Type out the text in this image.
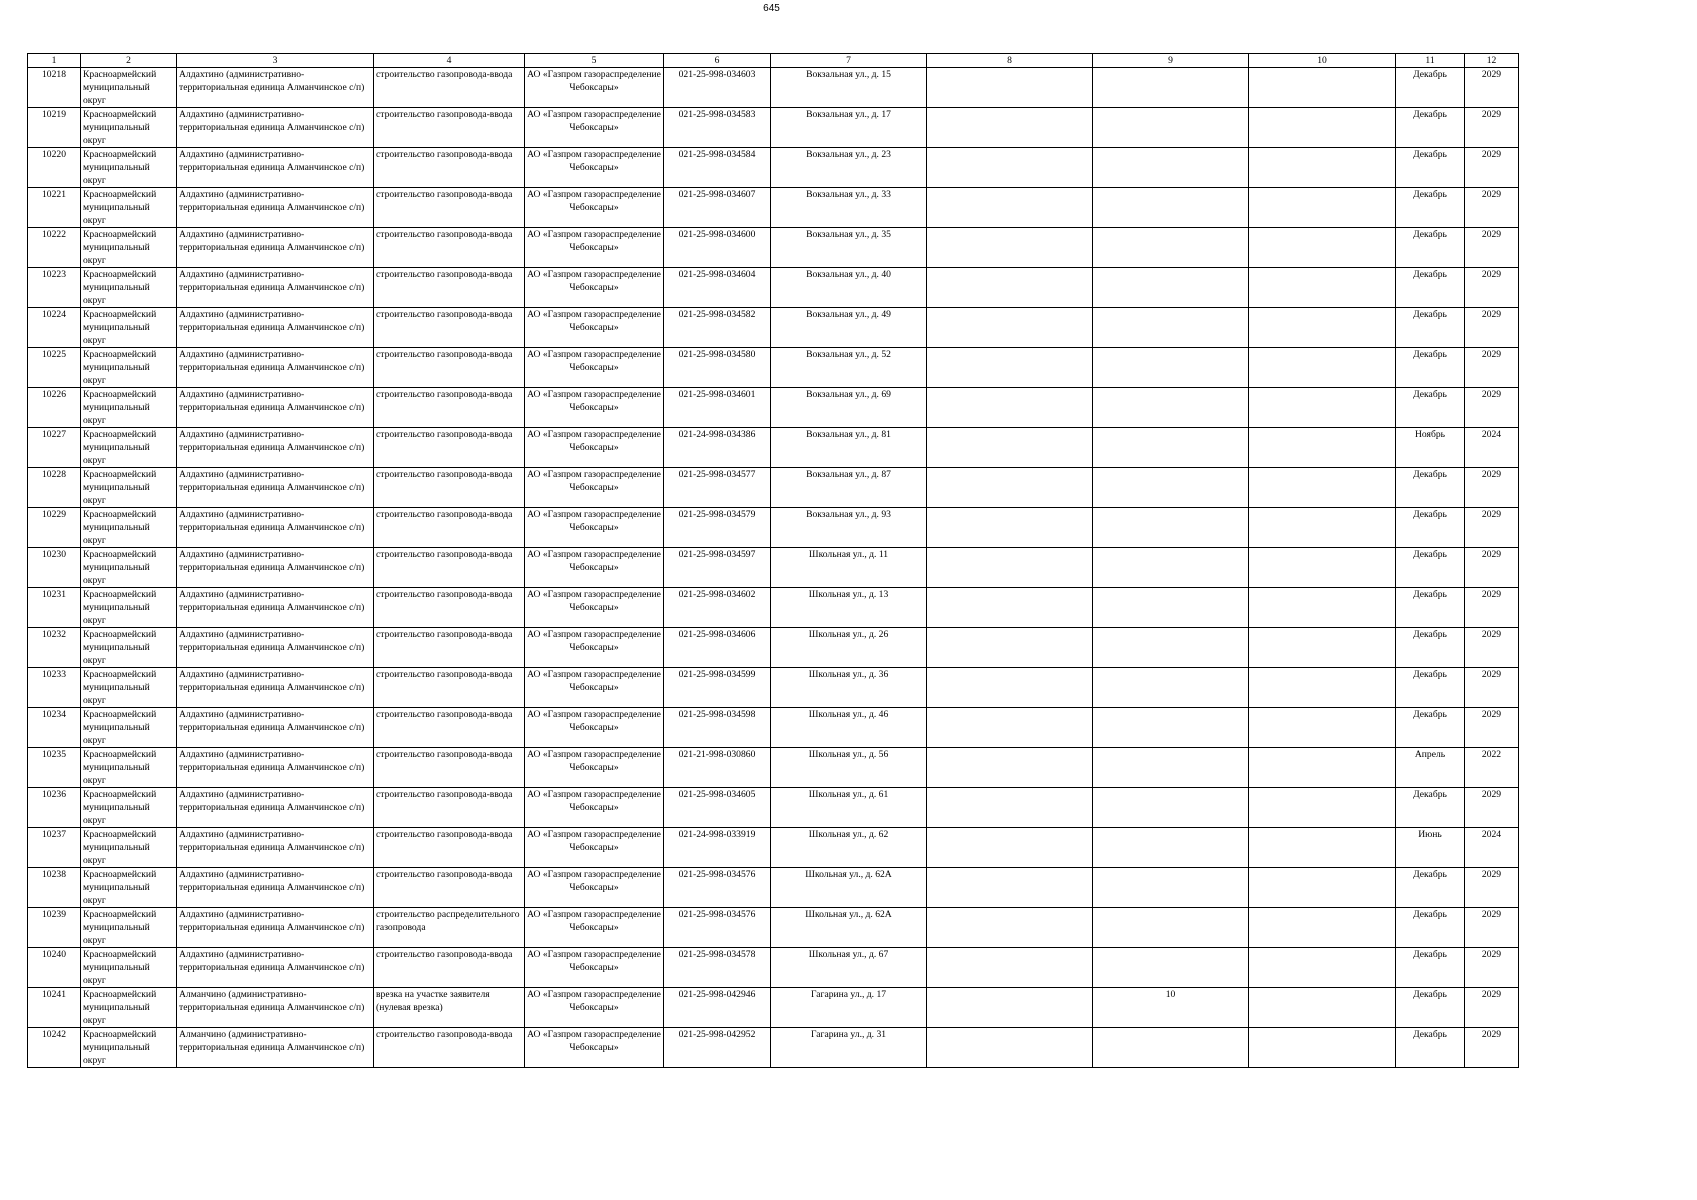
645
1	2	3	4	5	6	7	8	9	10	11	12
10218	Красноармейский муниципальный округ	Алдахтино (административно-территориальная единица Алманчинское с/п)	строительство газопровода-ввода	АО «Газпром газораспределение Чебоксары»	021-25-998-034603	Вокзальная ул., д. 15				Декабрь	2029
10219	Красноармейский муниципальный округ	Алдахтино (административно-территориальная единица Алманчинское с/п)	строительство газопровода-ввода	АО «Газпром газораспределение Чебоксары»	021-25-998-034583	Вокзальная ул., д. 17				Декабрь	2029
10220	Красноармейский муниципальный округ	Алдахтино (административно-территориальная единица Алманчинское с/п)	строительство газопровода-ввода	АО «Газпром газораспределение Чебоксары»	021-25-998-034584	Вокзальная ул., д. 23				Декабрь	2029
10221	Красноармейский муниципальный округ	Алдахтино (административно-территориальная единица Алманчинское с/п)	строительство газопровода-ввода	АО «Газпром газораспределение Чебоксары»	021-25-998-034607	Вокзальная ул., д. 33				Декабрь	2029
10222	Красноармейский муниципальный округ	Алдахтино (административно-территориальная единица Алманчинское с/п)	строительство газопровода-ввода	АО «Газпром газораспределение Чебоксары»	021-25-998-034600	Вокзальная ул., д. 35				Декабрь	2029
10223	Красноармейский муниципальный округ	Алдахтино (административно-территориальная единица Алманчинское с/п)	строительство газопровода-ввода	АО «Газпром газораспределение Чебоксары»	021-25-998-034604	Вокзальная ул., д. 40				Декабрь	2029
10224	Красноармейский муниципальный округ	Алдахтино (административно-территориальная единица Алманчинское с/п)	строительство газопровода-ввода	АО «Газпром газораспределение Чебоксары»	021-25-998-034582	Вокзальная ул., д. 49				Декабрь	2029
10225	Красноармейский муниципальный округ	Алдахтино (административно-территориальная единица Алманчинское с/п)	строительство газопровода-ввода	АО «Газпром газораспределение Чебоксары»	021-25-998-034580	Вокзальная ул., д. 52				Декабрь	2029
10226	Красноармейский муниципальный округ	Алдахтино (административно-территориальная единица Алманчинское с/п)	строительство газопровода-ввода	АО «Газпром газораспределение Чебоксары»	021-25-998-034601	Вокзальная ул., д. 69				Декабрь	2029
10227	Красноармейский муниципальный округ	Алдахтино (административно-территориальная единица Алманчинское с/п)	строительство газопровода-ввода	АО «Газпром газораспределение Чебоксары»	021-24-998-034386	Вокзальная ул., д. 81				Ноябрь	2024
10228	Красноармейский муниципальный округ	Алдахтино (административно-территориальная единица Алманчинское с/п)	строительство газопровода-ввода	АО «Газпром газораспределение Чебоксары»	021-25-998-034577	Вокзальная ул., д. 87				Декабрь	2029
10229	Красноармейский муниципальный округ	Алдахтино (административно-территориальная единица Алманчинское с/п)	строительство газопровода-ввода	АО «Газпром газораспределение Чебоксары»	021-25-998-034579	Вокзальная ул., д. 93				Декабрь	2029
10230	Красноармейский муниципальный округ	Алдахтино (административно-территориальная единица Алманчинское с/п)	строительство газопровода-ввода	АО «Газпром газораспределение Чебоксары»	021-25-998-034597	Школьная ул., д. 11				Декабрь	2029
10231	Красноармейский муниципальный округ	Алдахтино (административно-территориальная единица Алманчинское с/п)	строительство газопровода-ввода	АО «Газпром газораспределение Чебоксары»	021-25-998-034602	Школьная ул., д. 13				Декабрь	2029
10232	Красноармейский муниципальный округ	Алдахтино (административно-территориальная единица Алманчинское с/п)	строительство газопровода-ввода	АО «Газпром газораспределение Чебоксары»	021-25-998-034606	Школьная ул., д. 26				Декабрь	2029
10233	Красноармейский муниципальный округ	Алдахтино (административно-территориальная единица Алманчинское с/п)	строительство газопровода-ввода	АО «Газпром газораспределение Чебоксары»	021-25-998-034599	Школьная ул., д. 36				Декабрь	2029
10234	Красноармейский муниципальный округ	Алдахтино (административно-территориальная единица Алманчинское с/п)	строительство газопровода-ввода	АО «Газпром газораспределение Чебоксары»	021-25-998-034598	Школьная ул., д. 46				Декабрь	2029
10235	Красноармейский муниципальный округ	Алдахтино (административно-территориальная единица Алманчинское с/п)	строительство газопровода-ввода	АО «Газпром газораспределение Чебоксары»	021-21-998-030860	Школьная ул., д. 56				Апрель	2022
10236	Красноармейский муниципальный округ	Алдахтино (административно-территориальная единица Алманчинское с/п)	строительство газопровода-ввода	АО «Газпром газораспределение Чебоксары»	021-25-998-034605	Школьная ул., д. 61				Декабрь	2029
10237	Красноармейский муниципальный округ	Алдахтино (административно-территориальная единица Алманчинское с/п)	строительство газопровода-ввода	АО «Газпром газораспределение Чебоксары»	021-24-998-033919	Школьная ул., д. 62				Июнь	2024
10238	Красноармейский муниципальный округ	Алдахтино (административно-территориальная единица Алманчинское с/п)	строительство газопровода-ввода	АО «Газпром газораспределение Чебоксары»	021-25-998-034576	Школьная ул., д. 62А				Декабрь	2029
10239	Красноармейский муниципальный округ	Алдахтино (административно-территориальная единица Алманчинское с/п)	строительство распределительного газопровода	АО «Газпром газораспределение Чебоксары»	021-25-998-034576	Школьная ул., д. 62А				Декабрь	2029
10240	Красноармейский муниципальный округ	Алдахтино (административно-территориальная единица Алманчинское с/п)	строительство газопровода-ввода	АО «Газпром газораспределение Чебоксары»	021-25-998-034578	Школьная ул., д. 67				Декабрь	2029
10241	Красноармейский муниципальный округ	Алманчино (административно-территориальная единица Алманчинское с/п)	врезка на участке заявителя (нулевая врезка)	АО «Газпром газораспределение Чебоксары»	021-25-998-042946	Гагарина ул., д. 17		10		Декабрь	2029
10242	Красноармейский муниципальный округ	Алманчино (административно-территориальная единица Алманчинское с/п)	строительство газопровода-ввода	АО «Газпром газораспределение Чебоксары»	021-25-998-042952	Гагарина ул., д. 31				Декабрь	2029
